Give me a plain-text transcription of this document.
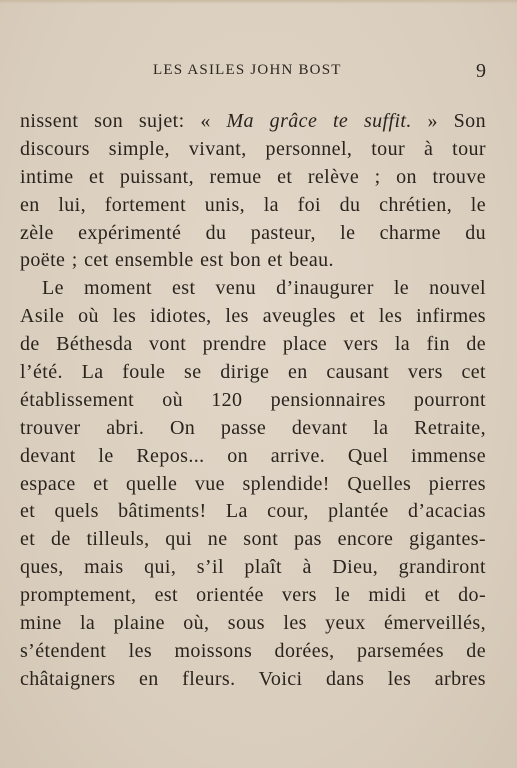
LES ASILES JOHN BOST	9
nissent son sujet: « Ma grâce te suffit. » Son
discours simple, vivant, personnel, tour à tour
intime et puissant, remue et relève ; on trouve
en lui, fortement unis, la foi du chrétien, le
zèle expérimenté du pasteur, le charme du
poëte ; cet ensemble est bon et beau.
Le moment est venu d’inaugurer le nouvel
Asile où les idiotes, les aveugles et les infirmes
de Béthesda vont prendre place vers la fin de
l’été. La foule se dirige en causant vers cet
établissement où 120 pensionnaires pourront
trouver abri. On passe devant la Retraite,
devant le Repos... on arrive. Quel immense
espace et quelle vue splendide! Quelles pierres
et quels bâtiments! La cour, plantée d’acacias
et de tilleuls, qui ne sont pas encore gigantes-
ques, mais qui, s’il plaît à Dieu, grandiront
promptement, est orientée vers le midi et do-
mine la plaine où, sous les yeux émerveillés,
s’étendent les moissons dorées, parsemées de
châtaigners en fleurs. Voici dans les arbres
